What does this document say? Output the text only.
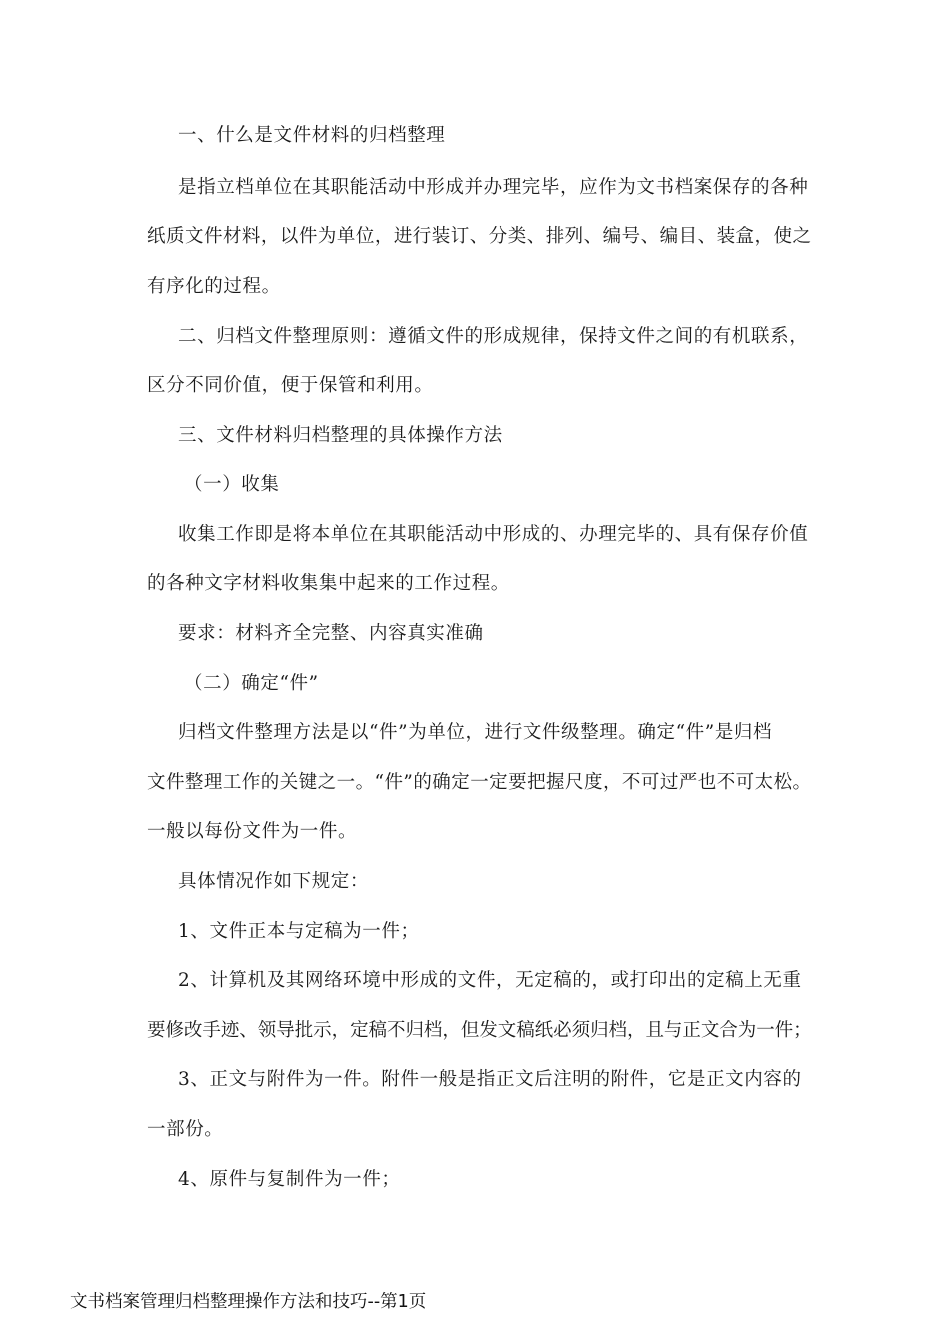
一、什么是文件材料的归档整理
是指立档单位在其职能活动中形成并办理完毕，应作为文书档案保存的各种
纸质文件材料，以件为单位，进行装订、分类、排列、编号、编目、装盒，使之
有序化的过程。
二、归档文件整理原则：遵循文件的形成规律，保持文件之间的有机联系，
区分不同价值，便于保管和利用。
三、文件材料归档整理的具体操作方法
（一）收集
收集工作即是将本单位在其职能活动中形成的、办理完毕的、具有保存价值
的各种文字材料收集集中起来的工作过程。
要求：材料齐全完整、内容真实准确
（二）确定“件”
归档文件整理方法是以“件”为单位，进行文件级整理。确定“件”是归档
文件整理工作的关键之一。“件”的确定一定要把握尺度，不可过严也不可太松。
一般以每份文件为一件。
具体情况作如下规定：
1、文件正本与定稿为一件；
2、计算机及其网络环境中形成的文件，无定稿的，或打印出的定稿上无重
要修改手迹、领导批示，定稿不归档，但发文稿纸必须归档，且与正文合为一件；
3、正文与附件为一件。附件一般是指正文后注明的附件，它是正文内容的
一部份。
4、原件与复制件为一件；
文书档案管理归档整理操作方法和技巧--第1页
